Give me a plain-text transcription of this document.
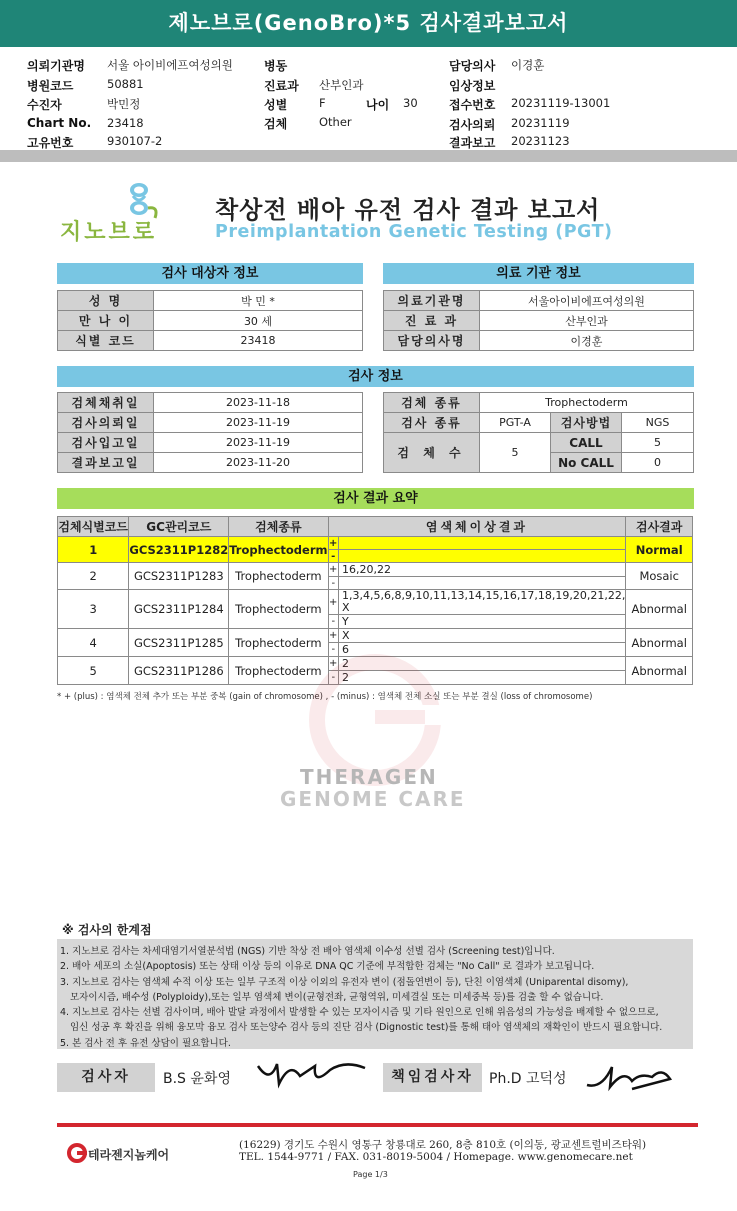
제노브로(GenoBro)*5 검사결과보고서
의뢰기관명 서울 아이비에프여성의원
병원코드	50881
수진자	박민정
Chart No. 23418
고유번호	930107-2
병동
진료과 산부인과
성별	F	나이 30
검체	Other
담당의사 이경훈
임상정보
접수번호 20231119-13001
검사의뢰 20231119
결과보고 20231123
지노브로
착상전 배아 유전 검사 결과 보고서
Preimplantation Genetic Testing (PGT)
검사 대상자 정보
성 명	박 민 *
만 나 이	30 세
식별 코드	23418
의료 기관 정보
의료기관명	서울아이비에프여성의원
진 료 과	산부인과
담당의사명	이경훈
검사 정보
검체채취일	2023-11-18
검사의뢰일	2023-11-19
검사입고일	2023-11-19
결과보고일	2023-11-20
검체 종류	Trophectoderm		
검사 종류	PGT-A	검사방법	NGS
검 체 수	5	CALL	5
		No CALL	0
검사 결과 요약
검체식별코드	GC관리코드	검체종류	염색체이상결과		검사결과
1	GCS2311P1282	Trophectoderm	+		Normal
			-		
2	GCS2311P1283	Trophectoderm	+	16,20,22	Mosaic
			-		
3	GCS2311P1284	Trophectoderm	+	1,3,4,5,6,8,9,10,11,13,14,15,16,17,18,19,20,21,22,
X	Abnormal
			-	Y	
4	GCS2311P1285	Trophectoderm	+	X	Abnormal
			-	6	
5	GCS2311P1286	Trophectoderm	+	2	Abnormal
			-	2	
* + (plus) : 염색체 전체 추가 또는 부분 중복 (gain of chromosome) , - (minus) : 염색체 전체 소실 또는 부분 결실 (loss of chromosome)
THERAGEN
GENOME CARE
※ 검사의 한계점
1. 지노브로 검사는 차세대염기서열분석법 (NGS) 기반 착상 전 배아 염색체 이수성 선별 검사 (Screening test)입니다.
2. 배아 세포의 소실(Apoptosis) 또는 상태 이상 등의 이유로 DNA QC 기준에 부적합한 검체는 "No Call" 로 결과가 보고됩니다.
3. 지노브로 검사는 염색체 수적 이상 또는 일부 구조적 이상 이외의 유전자 변이 (점돌연변이 등), 단친 이염색체 (Uniparental disomy),
모자이시즘, 배수성 (Polyploidy),또는 일부 염색체 변이(균형전좌, 균형역위, 미세결실 또는 미세중복 등)를 검출 할 수 없습니다.
4. 지노브로 검사는 선별 검사이며, 배아 발달 과정에서 발생할 수 있는 모자이시즘 및 기타 원인으로 인해 위음성의 가능성을 배제할 수 없으므로,
임신 성공 후 확진을 위해 융모막 융모 검사 또는양수 검사 등의 진단 검사 (Dignostic test)를 통해 태아 염색체의 재확인이 반드시 필요합니다.
5. 본 검사 전 후 유전 상담이 필요합니다.
검사자	B.S 윤화영	책임검사자	Ph.D 고덕성
테라젠지놈케어
(16229) 경기도 수원시 영통구 창룡대로 260, 8층 810호 (이의동, 광교센트럴비즈타워)
TEL. 1544-9771 / FAX. 031-8019-5004 / Homepage. www.genomecare.net
Page 1/3
